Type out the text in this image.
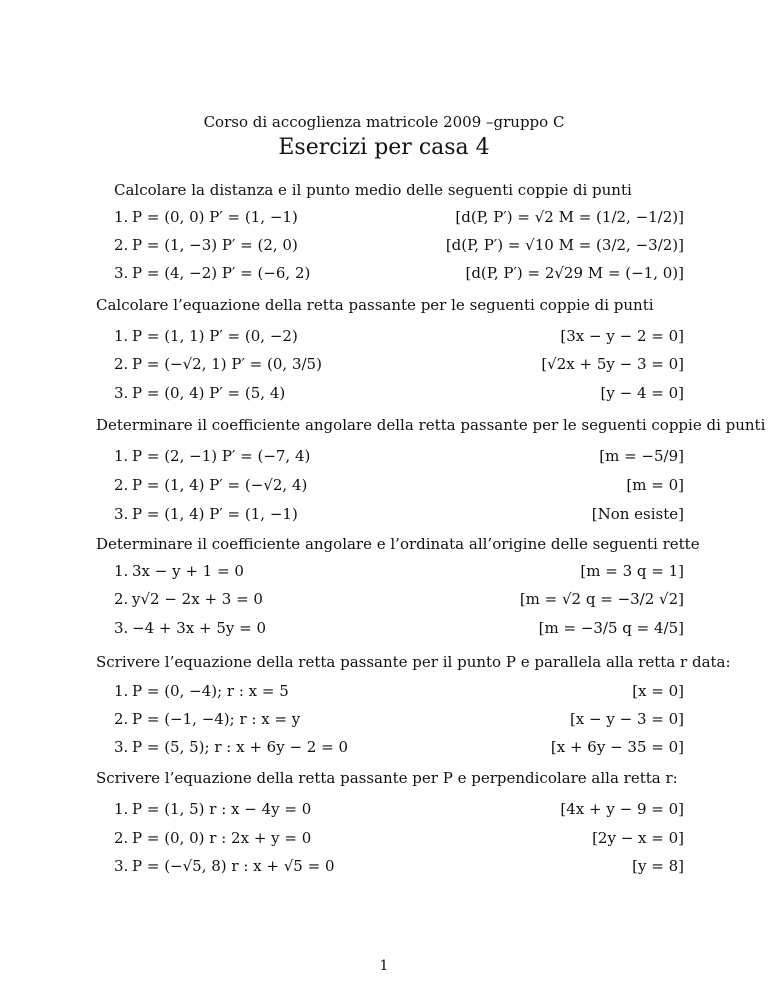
Corso di accoglienza matricole 2009 –gruppo C
Esercizi per casa 4
Calcolare la distanza e il punto medio delle seguenti coppie di punti
1. P = (0, 0) P′ = (1, −1)	[d(P, P′) = √2 M = (1/2, −1/2)]
2. P = (1, −3) P′ = (2, 0)	[d(P, P′) = √10 M = (3/2, −3/2)]
3. P = (4, −2) P′ = (−6, 2)	[d(P, P′) = 2√29 M = (−1, 0)]
Calcolare l’equazione della retta passante per le seguenti coppie di punti
1. P = (1, 1) P′ = (0, −2)	[3x − y − 2 = 0]
2. P = (−√2, 1) P′ = (0, 3/5)	[√2x + 5y − 3 = 0]
3. P = (0, 4) P′ = (5, 4)	[y − 4 = 0]
Determinare il coefficiente angolare della retta passante per le seguenti coppie di punti
1. P = (2, −1) P′ = (−7, 4)	[m = −5/9]
2. P = (1, 4) P′ = (−√2, 4)	[m = 0]
3. P = (1, 4) P′ = (1, −1)	[Non esiste]
Determinare il coefficiente angolare e l’ordinata all’origine delle seguenti rette
1. 3x − y + 1 = 0	[m = 3 q = 1]
2. y√2 − 2x + 3 = 0	[m = √2 q = −3/2 √2]
3. −4 + 3x + 5y = 0	[m = −3/5 q = 4/5]
Scrivere l’equazione della retta passante per il punto P e parallela alla retta r data:
1. P = (0, −4); r : x = 5	[x = 0]
2. P = (−1, −4); r : x = y	[x − y − 3 = 0]
3. P = (5, 5); r : x + 6y − 2 = 0	[x + 6y − 35 = 0]
Scrivere l’equazione della retta passante per P e perpendicolare alla retta r:
1. P = (1, 5) r : x − 4y = 0	[4x + y − 9 = 0]
2. P = (0, 0) r : 2x + y = 0	[2y − x = 0]
3. P = (−√5, 8) r : x + √5 = 0	[y = 8]
1
